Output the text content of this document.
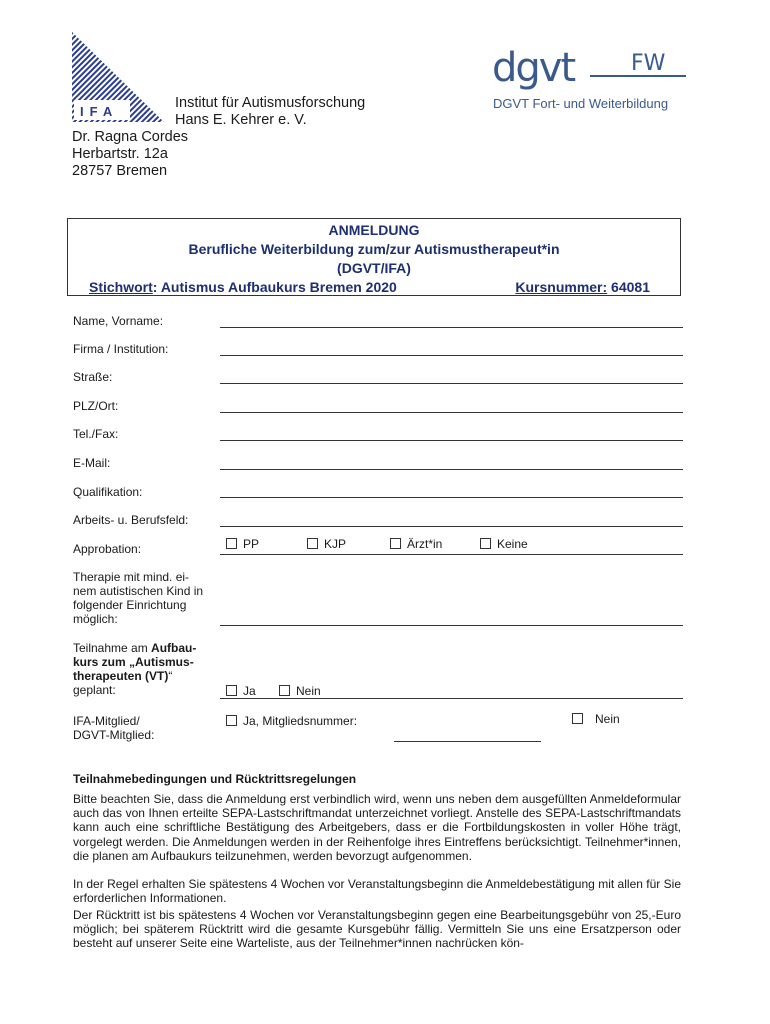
IFA
Institut für Autismusforschung
Hans E. Kehrer e. V.
Dr. Ragna Cordes
Herbartstr. 12a
28757 Bremen
dgvt	FW
DGVT Fort- und Weiterbildung
ANMELDUNG
Berufliche Weiterbildung zum/zur Autismustherapeut*in
(DGVT/IFA)
Stichwort: Autismus Aufbaukurs Bremen 2020	Kursnummer: 64081
Name, Vorname:
Firma / Institution:
Straße:
PLZ/Ort:
Tel./Fax:
E-Mail:
Qualifikation:
Arbeits- u. Berufsfeld:
Approbation:	PP	KJP	Ärzt*in	Keine
Therapie mit mind. ei-
nem autistischen Kind in
folgender Einrichtung
möglich:
Teilnahme am Aufbau-
kurs zum „Autismus-
therapeuten (VT)“
geplant:	Ja	Nein
IFA-Mitglied/
DGVT-Mitglied:
Ja, Mitgliedsnummer:	Nein
Teilnahmebedingungen und Rücktrittsregelungen
Bitte beachten Sie, dass die Anmeldung erst verbindlich wird, wenn uns neben dem ausgefüllten Anmeldeformular auch das von Ihnen erteilte SEPA-Lastschriftmandat unterzeichnet vorliegt. Anstelle des SEPA-Lastschriftmandats kann auch eine schriftliche Bestätigung des Arbeitgebers, dass er die Fortbildungskosten in voller Höhe trägt, vorgelegt werden. Die Anmeldungen werden in der Reihenfolge ihres Eintreffens berücksichtigt. Teilnehmer*innen, die planen am Aufbaukurs teilzunehmen, werden bevorzugt aufgenommen.
In der Regel erhalten Sie spätestens 4 Wochen vor Veranstaltungsbeginn die Anmeldebestätigung mit allen für Sie erforderlichen Informationen.
Der Rücktritt ist bis spätestens 4 Wochen vor Veranstaltungsbeginn gegen eine Bearbeitungsgebühr von 25,-Euro möglich; bei späterem Rücktritt wird die gesamte Kursgebühr fällig. Vermitteln Sie uns eine Ersatzperson oder besteht auf unserer Seite eine Warteliste, aus der Teilnehmer*innen nachrücken kön-
